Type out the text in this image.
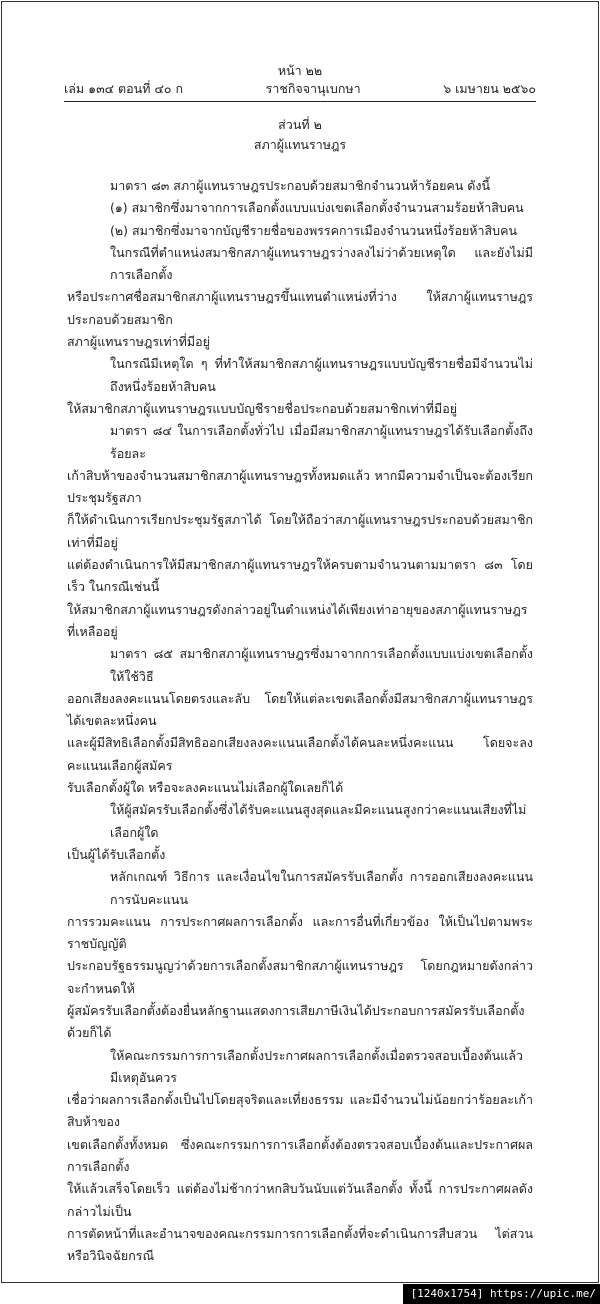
หน้า ๒๒
เล่ม ๑๓๔ ตอนที่ ๔๐ ก	ราชกิจจานุเบกษา	๖ เมษายน ๒๕๖๐
ส่วนที่ ๒
สภาผู้แทนราษฎร
มาตรา ๘๓ สภาผู้แทนราษฎรประกอบด้วยสมาชิกจำนวนห้าร้อยคน ดังนี้
(๑) สมาชิกซึ่งมาจากการเลือกตั้งแบบแบ่งเขตเลือกตั้งจำนวนสามร้อยห้าสิบคน
(๒) สมาชิกซึ่งมาจากบัญชีรายชื่อของพรรคการเมืองจำนวนหนึ่งร้อยห้าสิบคน
ในกรณีที่ตำแหน่งสมาชิกสภาผู้แทนราษฎรว่างลงไม่ว่าด้วยเหตุใด และยังไม่มีการเลือกตั้ง
หรือประกาศชื่อสมาชิกสภาผู้แทนราษฎรขึ้นแทนตำแหน่งที่ว่าง ให้สภาผู้แทนราษฎรประกอบด้วยสมาชิก
สภาผู้แทนราษฎรเท่าที่มีอยู่
ในกรณีมีเหตุใด ๆ ที่ทำให้สมาชิกสภาผู้แทนราษฎรแบบบัญชีรายชื่อมีจำนวนไม่ถึงหนึ่งร้อยห้าสิบคน
ให้สมาชิกสภาผู้แทนราษฎรแบบบัญชีรายชื่อประกอบด้วยสมาชิกเท่าที่มีอยู่
มาตรา ๘๔ ในการเลือกตั้งทั่วไป เมื่อมีสมาชิกสภาผู้แทนราษฎรได้รับเลือกตั้งถึงร้อยละ
เก้าสิบห้าของจำนวนสมาชิกสภาผู้แทนราษฎรทั้งหมดแล้ว หากมีความจำเป็นจะต้องเรียกประชุมรัฐสภา
ก็ให้ดำเนินการเรียกประชุมรัฐสภาได้ โดยให้ถือว่าสภาผู้แทนราษฎรประกอบด้วยสมาชิกเท่าที่มีอยู่
แต่ต้องดำเนินการให้มีสมาชิกสภาผู้แทนราษฎรให้ครบตามจำนวนตามมาตรา ๘๓ โดยเร็ว ในกรณีเช่นนี้
ให้สมาชิกสภาผู้แทนราษฎรดังกล่าวอยู่ในตำแหน่งได้เพียงเท่าอายุของสภาผู้แทนราษฎรที่เหลืออยู่
มาตรา ๘๕ สมาชิกสภาผู้แทนราษฎรซึ่งมาจากการเลือกตั้งแบบแบ่งเขตเลือกตั้ง ให้ใช้วิธี
ออกเสียงลงคะแนนโดยตรงและลับ โดยให้แต่ละเขตเลือกตั้งมีสมาชิกสภาผู้แทนราษฎรได้เขตละหนึ่งคน
และผู้มีสิทธิเลือกตั้งมีสิทธิออกเสียงลงคะแนนเลือกตั้งได้คนละหนึ่งคะแนน โดยจะลงคะแนนเลือกผู้สมัคร
รับเลือกตั้งผู้ใด หรือจะลงคะแนนไม่เลือกผู้ใดเลยก็ได้
ให้ผู้สมัครรับเลือกตั้งซึ่งได้รับคะแนนสูงสุดและมีคะแนนสูงกว่าคะแนนเสียงที่ไม่เลือกผู้ใด
เป็นผู้ได้รับเลือกตั้ง
หลักเกณฑ์ วิธีการ และเงื่อนไขในการสมัครรับเลือกตั้ง การออกเสียงลงคะแนน การนับคะแนน
การรวมคะแนน การประกาศผลการเลือกตั้ง และการอื่นที่เกี่ยวข้อง ให้เป็นไปตามพระราชบัญญัติ
ประกอบรัฐธรรมนูญว่าด้วยการเลือกตั้งสมาชิกสภาผู้แทนราษฎร โดยกฎหมายดังกล่าวจะกำหนดให้
ผู้สมัครรับเลือกตั้งต้องยื่นหลักฐานแสดงการเสียภาษีเงินได้ประกอบการสมัครรับเลือกตั้งด้วยก็ได้
ให้คณะกรรมการการเลือกตั้งประกาศผลการเลือกตั้งเมื่อตรวจสอบเบื้องต้นแล้ว มีเหตุอันควร
เชื่อว่าผลการเลือกตั้งเป็นไปโดยสุจริตและเที่ยงธรรม และมีจำนวนไม่น้อยกว่าร้อยละเก้าสิบห้าของ
เขตเลือกตั้งทั้งหมด ซึ่งคณะกรรมการการเลือกตั้งต้องตรวจสอบเบื้องต้นและประกาศผลการเลือกตั้ง
ให้แล้วเสร็จโดยเร็ว แต่ต้องไม่ช้ากว่าหกสิบวันนับแต่วันเลือกตั้ง ทั้งนี้ การประกาศผลดังกล่าวไม่เป็น
การตัดหน้าที่และอำนาจของคณะกรรมการการเลือกตั้งที่จะดำเนินการสืบสวน ไต่สวน หรือวินิจฉัยกรณี
[1240x1754] https://upic.me/
